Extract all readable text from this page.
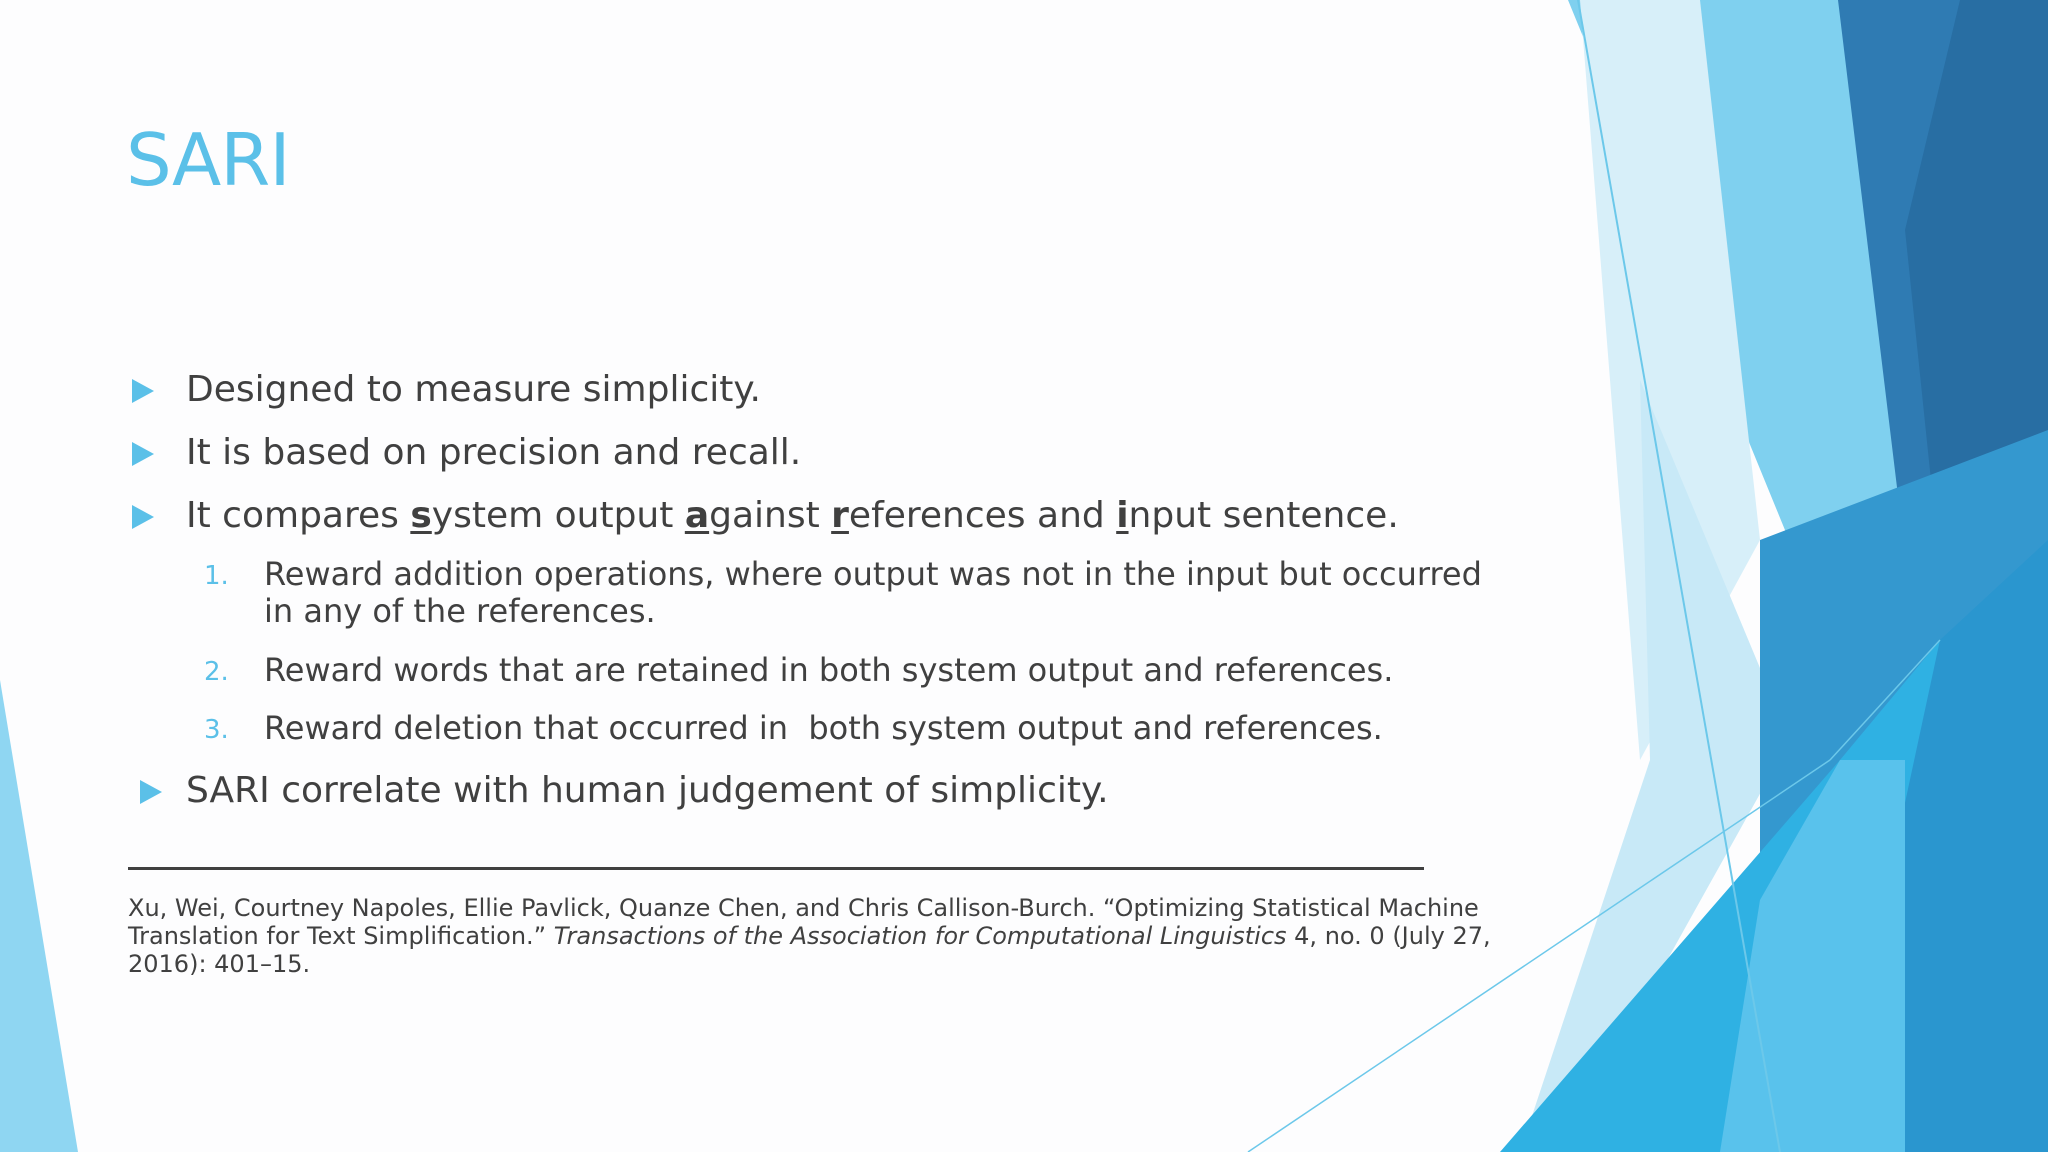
SARI
Designed to measure simplicity.
It is based on precision and recall.
It compares system output against references and input sentence.
1. Reward addition operations, where output was not in the input but occurred in any of the references.
2. Reward words that are retained in both system output and references.
3. Reward deletion that occurred in  both system output and references.
SARI correlate with human judgement of simplicity.
Xu, Wei, Courtney Napoles, Ellie Pavlick, Quanze Chen, and Chris Callison-Burch. “Optimizing Statistical Machine Translation for Text Simplification.” Transactions of the Association for Computational Linguistics 4, no. 0 (July 27, 2016): 401–15.
